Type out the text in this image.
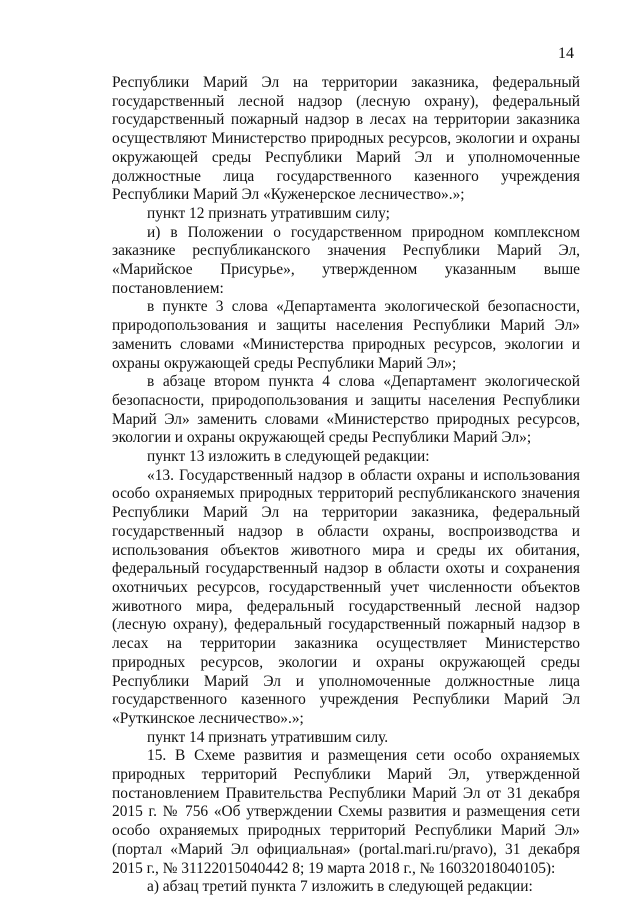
14

Республики Марий Эл на территории заказника, федеральный государственный лесной надзор (лесную охрану), федеральный государственный пожарный надзор в лесах на территории заказника осуществляют Министерство природных ресурсов, экологии и охраны окружающей среды Республики Марий Эл и уполномоченные должностные лица государственного казенного учреждения Республики Марий Эл «Куженерское лесничество».»;

пункт 12 признать утратившим силу;

и) в Положении о государственном природном комплексном заказнике республиканского значения Республики Марий Эл, «Марийское Присурье», утвержденном указанным выше постановлением:

в пункте 3 слова «Департамента экологической безопасности, природопользования и защиты населения Республики Марий Эл» заменить словами «Министерства природных ресурсов, экологии и охраны окружающей среды Республики Марий Эл»;

в абзаце втором пункта 4 слова «Департамент экологической безопасности, природопользования и защиты населения Республики Марий Эл» заменить словами «Министерство природных ресурсов, экологии и охраны окружающей среды Республики Марий Эл»;

пункт 13 изложить в следующей редакции:

«13. Государственный надзор в области охраны и использования особо охраняемых природных территорий республиканского значения Республики Марий Эл на территории заказника, федеральный государственный надзор в области охраны, воспроизводства и использования объектов животного мира и среды их обитания, федеральный государственный надзор в области охоты и сохранения охотничьих ресурсов, государственный учет численности объектов животного мира, федеральный государственный лесной надзор (лесную охрану), федеральный государственный пожарный надзор в лесах на территории заказника осуществляет Министерство природных ресурсов, экологии и охраны окружающей среды Республики Марий Эл и уполномоченные должностные лица государственного казенного учреждения Республики Марий Эл «Руткинское лесничество».»;

пункт 14 признать утратившим силу.

15. В Схеме развития и размещения сети особо охраняемых природных территорий Республики Марий Эл, утвержденной постановлением Правительства Республики Марий Эл от 31 декабря 2015 г. № 756 «Об утверждении Схемы развития и размещения сети особо охраняемых природных территорий Республики Марий Эл» (портал «Марий Эл официальная» (portal.mari.ru/pravo), 31 декабря 2015 г., № 31122015040442 8; 19 марта 2018 г., № 16032018040105):

а) абзац третий пункта 7 изложить в следующей редакции:
